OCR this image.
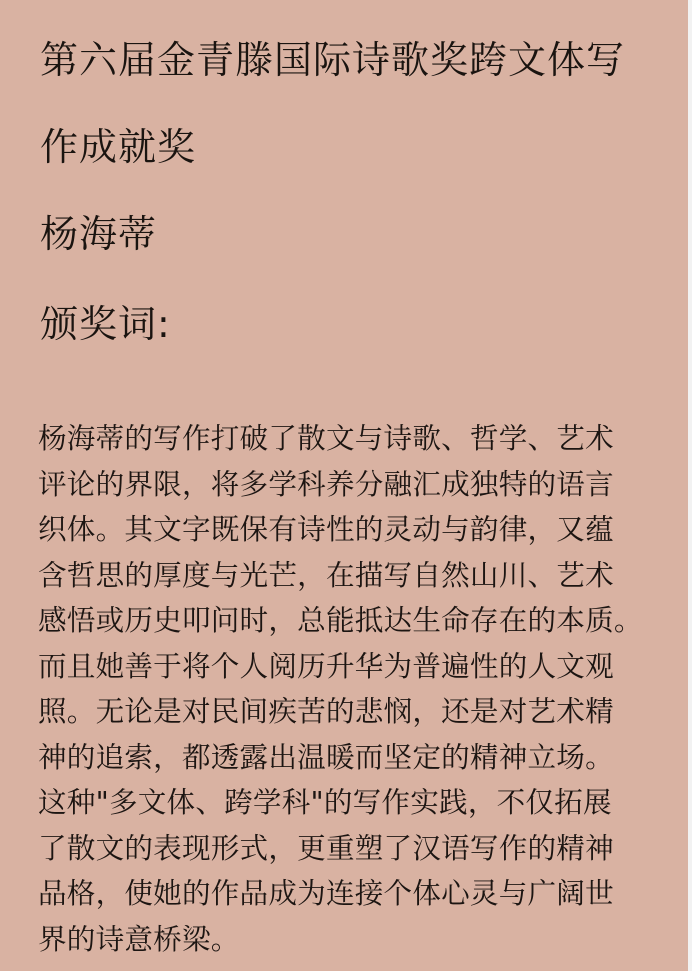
第六届金青滕国际诗歌奖跨文体写
作成就奖
杨海蒂
颁奖词:
杨海蒂的写作打破了散文与诗歌、哲学、艺术
评论的界限，将多学科养分融汇成独特的语言
织体。其文字既保有诗性的灵动与韵律，又蕴
含哲思的厚度与光芒，在描写自然山川、艺术
感悟或历史叩问时，总能抵达生命存在的本质。
而且她善于将个人阅历升华为普遍性的人文观
照。无论是对民间疾苦的悲悯，还是对艺术精
神的追索，都透露出温暖而坚定的精神立场。
这种"多文体、跨学科"的写作实践，不仅拓展
了散文的表现形式，更重塑了汉语写作的精神
品格，使她的作品成为连接个体心灵与广阔世
界的诗意桥梁。
